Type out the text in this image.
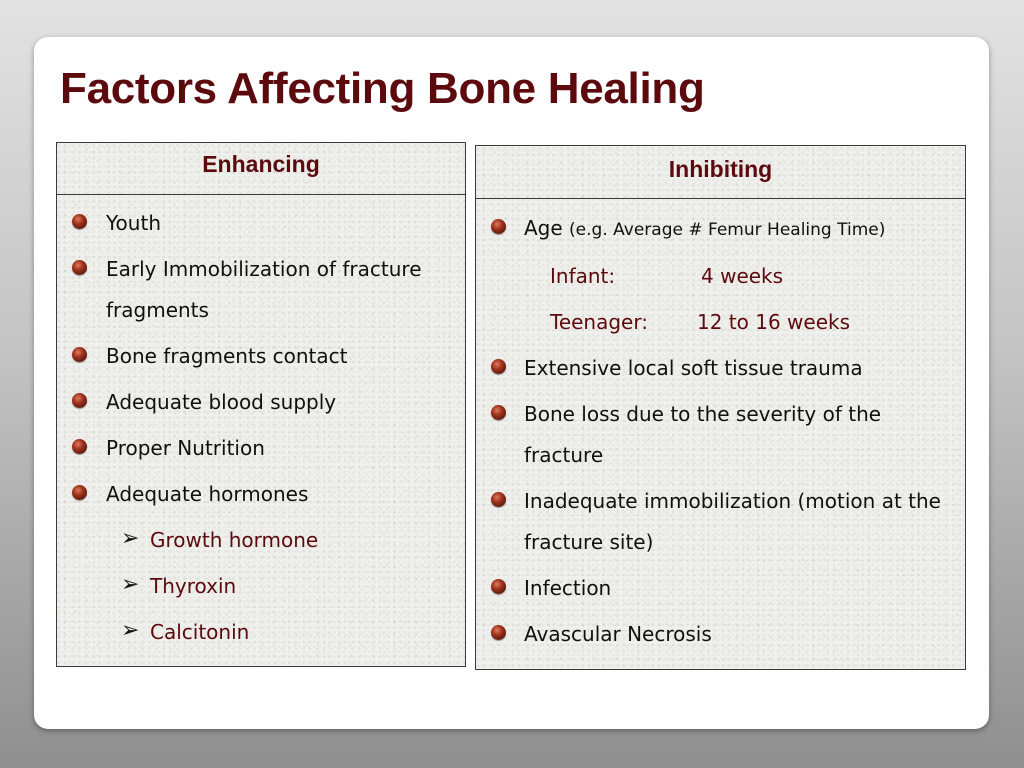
Factors Affecting Bone Healing
Enhancing
Youth
Early Immobilization of fracture fragments
Bone fragments contact
Adequate blood supply
Proper Nutrition
Adequate hormones
➢ Growth hormone
➢ Thyroxin
➢ Calcitonin
Inhibiting
Age (e.g. Average # Femur Healing Time)
Infant:	4 weeks
Teenager: 12 to 16 weeks
Extensive local soft tissue trauma
Bone loss due to the severity of the fracture
Inadequate immobilization (motion at the fracture site)
Infection
Avascular Necrosis
